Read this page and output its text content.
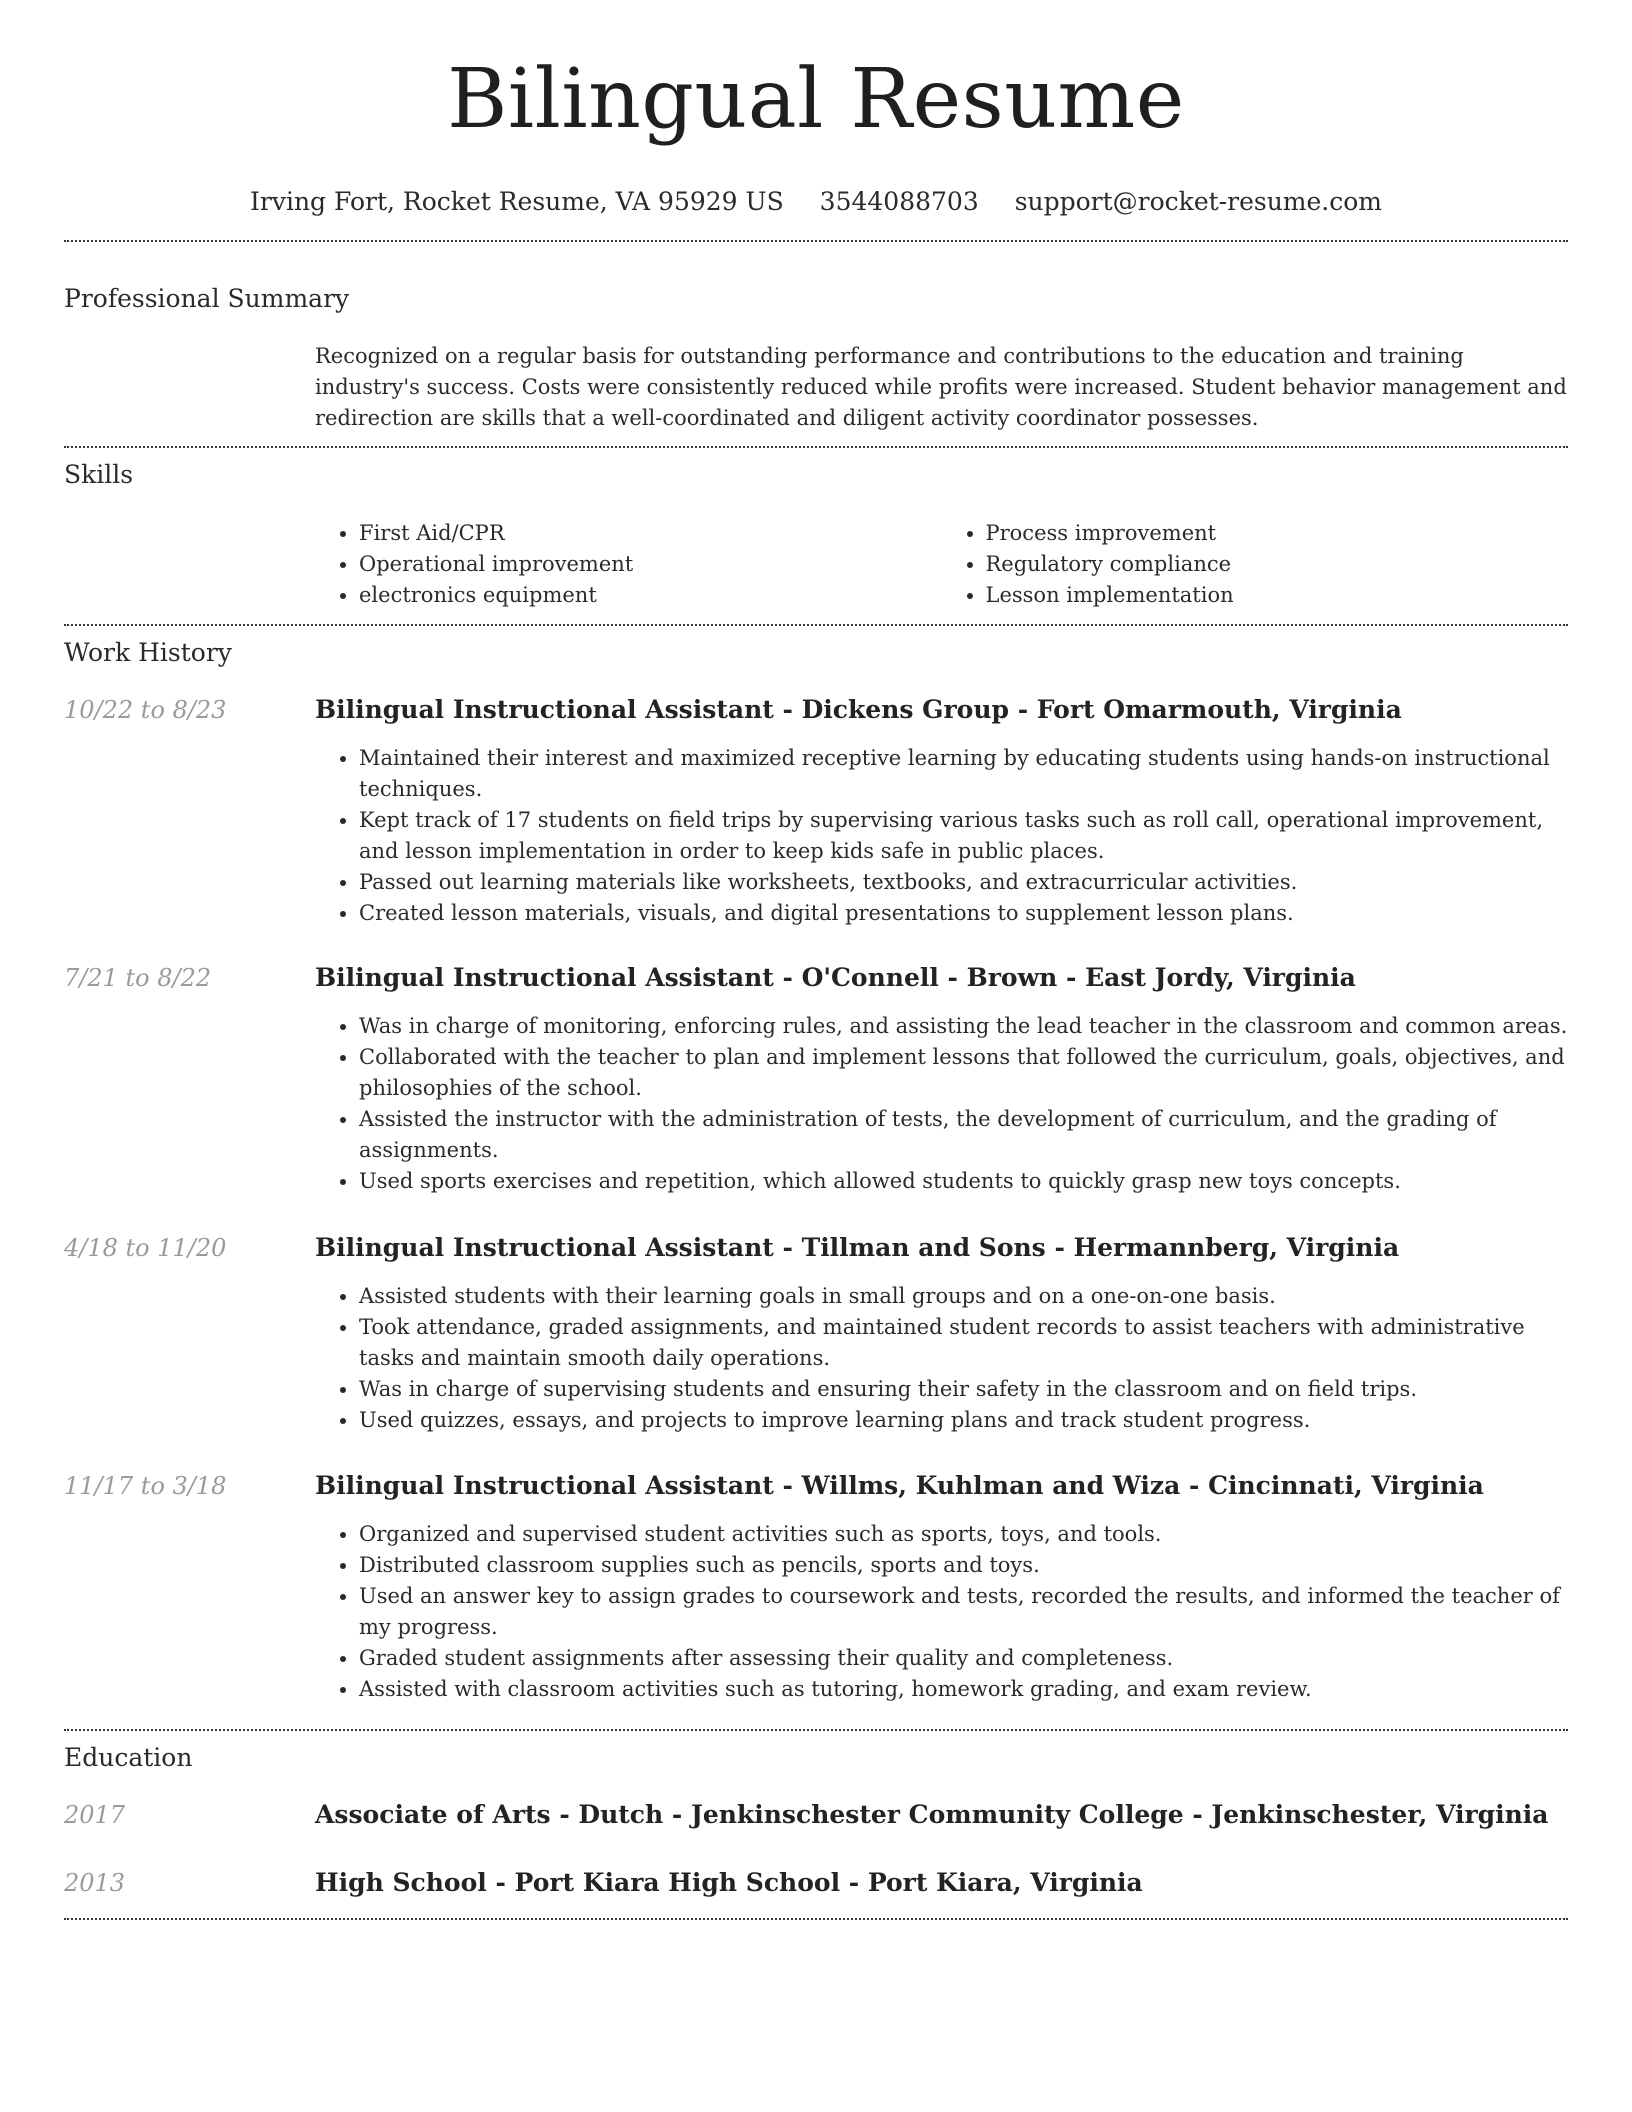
Bilingual Resume
Irving Fort, Rocket Resume, VA 95929 US 3544088703 support@rocket-resume.com
Professional Summary

Recognized on a regular basis for outstanding performance and contributions to the education and training industry's success. Costs were consistently reduced while profits were increased. Student behavior management and redirection are skills that a well-coordinated and diligent activity coordinator possesses.

Skills
• First Aid/CPR
• Operational improvement
• electronics equipment
• Process improvement
• Regulatory compliance
• Lesson implementation
Work History
10/22 to 8/23	Bilingual Instructional Assistant - Dickens Group - Fort Omarmouth, Virginia
• Maintained their interest and maximized receptive learning by educating students using hands-on instructional techniques.
• Kept track of 17 students on field trips by supervising various tasks such as roll call, operational improvement, and lesson implementation in order to keep kids safe in public places.
• Passed out learning materials like worksheets, textbooks, and extracurricular activities.
• Created lesson materials, visuals, and digital presentations to supplement lesson plans.
7/21 to 8/22	Bilingual Instructional Assistant - O'Connell - Brown - East Jordy, Virginia
• Was in charge of monitoring, enforcing rules, and assisting the lead teacher in the classroom and common areas.
• Collaborated with the teacher to plan and implement lessons that followed the curriculum, goals, objectives, and philosophies of the school.
• Assisted the instructor with the administration of tests, the development of curriculum, and the grading of assignments.
• Used sports exercises and repetition, which allowed students to quickly grasp new toys concepts.
4/18 to 11/20	Bilingual Instructional Assistant - Tillman and Sons - Hermannberg, Virginia
• Assisted students with their learning goals in small groups and on a one-on-one basis.
• Took attendance, graded assignments, and maintained student records to assist teachers with administrative tasks and maintain smooth daily operations.
• Was in charge of supervising students and ensuring their safety in the classroom and on field trips.
• Used quizzes, essays, and projects to improve learning plans and track student progress.
11/17 to 3/18	Bilingual Instructional Assistant - Willms, Kuhlman and Wiza - Cincinnati, Virginia
• Organized and supervised student activities such as sports, toys, and tools.
• Distributed classroom supplies such as pencils, sports and toys.
• Used an answer key to assign grades to coursework and tests, recorded the results, and informed the teacher of my progress.
• Graded student assignments after assessing their quality and completeness.
• Assisted with classroom activities such as tutoring, homework grading, and exam review.
Education
2017	Associate of Arts - Dutch - Jenkinschester Community College - Jenkinschester, Virginia
2013	High School - Port Kiara High School - Port Kiara, Virginia
